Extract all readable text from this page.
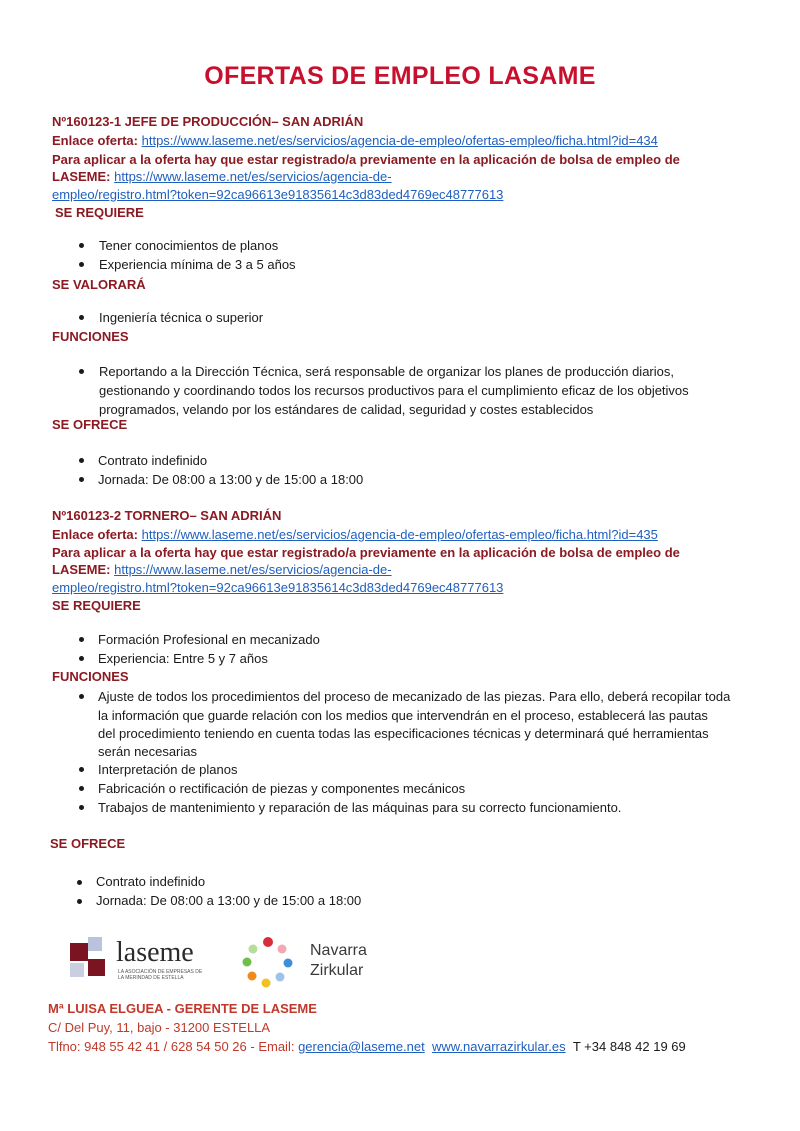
OFERTAS DE EMPLEO LASAME
Nº160123-1 JEFE DE PRODUCCIÓN– SAN ADRIÁN
Enlace oferta: https://www.laseme.net/es/servicios/agencia-de-empleo/ofertas-empleo/ficha.html?id=434
Para aplicar a la oferta hay que estar registrado/a previamente en la aplicación de bolsa de empleo de
LASEME: https://www.laseme.net/es/servicios/agencia-de-
empleo/registro.html?token=92ca96613e91835614c3d83ded4769ec48777613
SE REQUIERE
Tener conocimientos de planos
Experiencia mínima de 3 a 5 años
SE VALORARÁ
Ingeniería técnica o superior
FUNCIONES
Reportando a la Dirección Técnica, será responsable de organizar los planes de producción diarios,
gestionando y coordinando todos los recursos productivos para el cumplimiento eficaz de los objetivos
programados, velando por los estándares de calidad, seguridad y costes establecidos
SE OFRECE
Contrato indefinido
Jornada: De 08:00 a 13:00 y de 15:00 a 18:00
Nº160123-2 TORNERO– SAN ADRIÁN
Enlace oferta: https://www.laseme.net/es/servicios/agencia-de-empleo/ofertas-empleo/ficha.html?id=435
Para aplicar a la oferta hay que estar registrado/a previamente en la aplicación de bolsa de empleo de
LASEME: https://www.laseme.net/es/servicios/agencia-de-
empleo/registro.html?token=92ca96613e91835614c3d83ded4769ec48777613
SE REQUIERE
Formación Profesional en mecanizado
Experiencia: Entre 5 y 7 años
FUNCIONES
Ajuste de todos los procedimientos del proceso de mecanizado de las piezas. Para ello, deberá recopilar toda
la información que guarde relación con los medios que intervendrán en el proceso, establecerá las pautas
del procedimiento teniendo en cuenta todas las especificaciones técnicas y determinará qué herramientas
serán necesarias
Interpretación de planos
Fabricación o rectificación de piezas y componentes mecánicos
Trabajos de mantenimiento y reparación de las máquinas para su correcto funcionamiento.
SE OFRECE
Contrato indefinido
Jornada: De 08:00 a 13:00 y de 15:00 a 18:00
laseme
LA ASOCIACIÓN DE EMPRESAS DE
LA MERINDAD DE ESTELLA
Navarra
Zirkular
Mª LUISA ELGUEA - GERENTE DE LASEME
C/ Del Puy, 11, bajo - 31200 ESTELLA
Tlfno: 948 55 42 41 / 628 54 50 26 - Email: gerencia@laseme.net www.navarrazirkular.es T +34 848 42 19 69
